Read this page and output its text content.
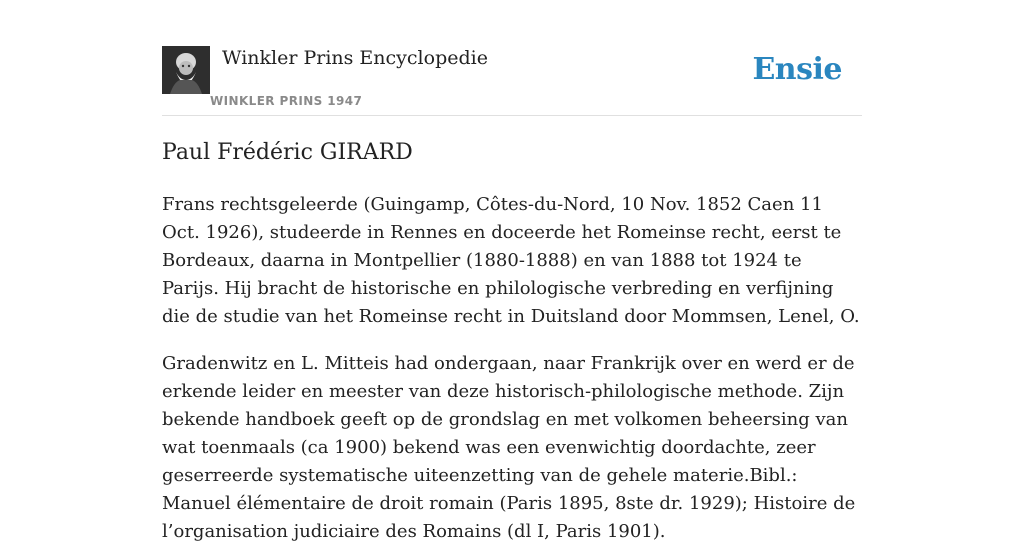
Winkler Prins Encyclopedie
WINKLER PRINS 1947
Ensie
Paul Frédéric GIRARD

Frans rechtsgeleerde (Guingamp, Côtes-du-Nord, 10 Nov. 1852 Caen 11 Oct. 1926), studeerde in Rennes en doceerde het Romeinse recht, eerst te Bordeaux, daarna in Montpellier (1880-1888) en van 1888 tot 1924 te Parijs. Hij bracht de historische en philologische verbreding en verfijning die de studie van het Romeinse recht in Duitsland door Mommsen, Lenel, O.

Gradenwitz en L. Mitteis had ondergaan, naar Frankrijk over en werd er de erkende leider en meester van deze historisch-philologische methode. Zijn bekende handboek geeft op de grondslag en met volkomen beheersing van wat toenmaals (ca 1900) bekend was een evenwichtig doordachte, zeer geserreerde systematische uiteenzetting van de gehele materie.Bibl.: Manuel élémentaire de droit romain (Paris 1895, 8ste dr. 1929); Histoire de l’organisation judiciaire des Romains (dl I, Paris 1901).
